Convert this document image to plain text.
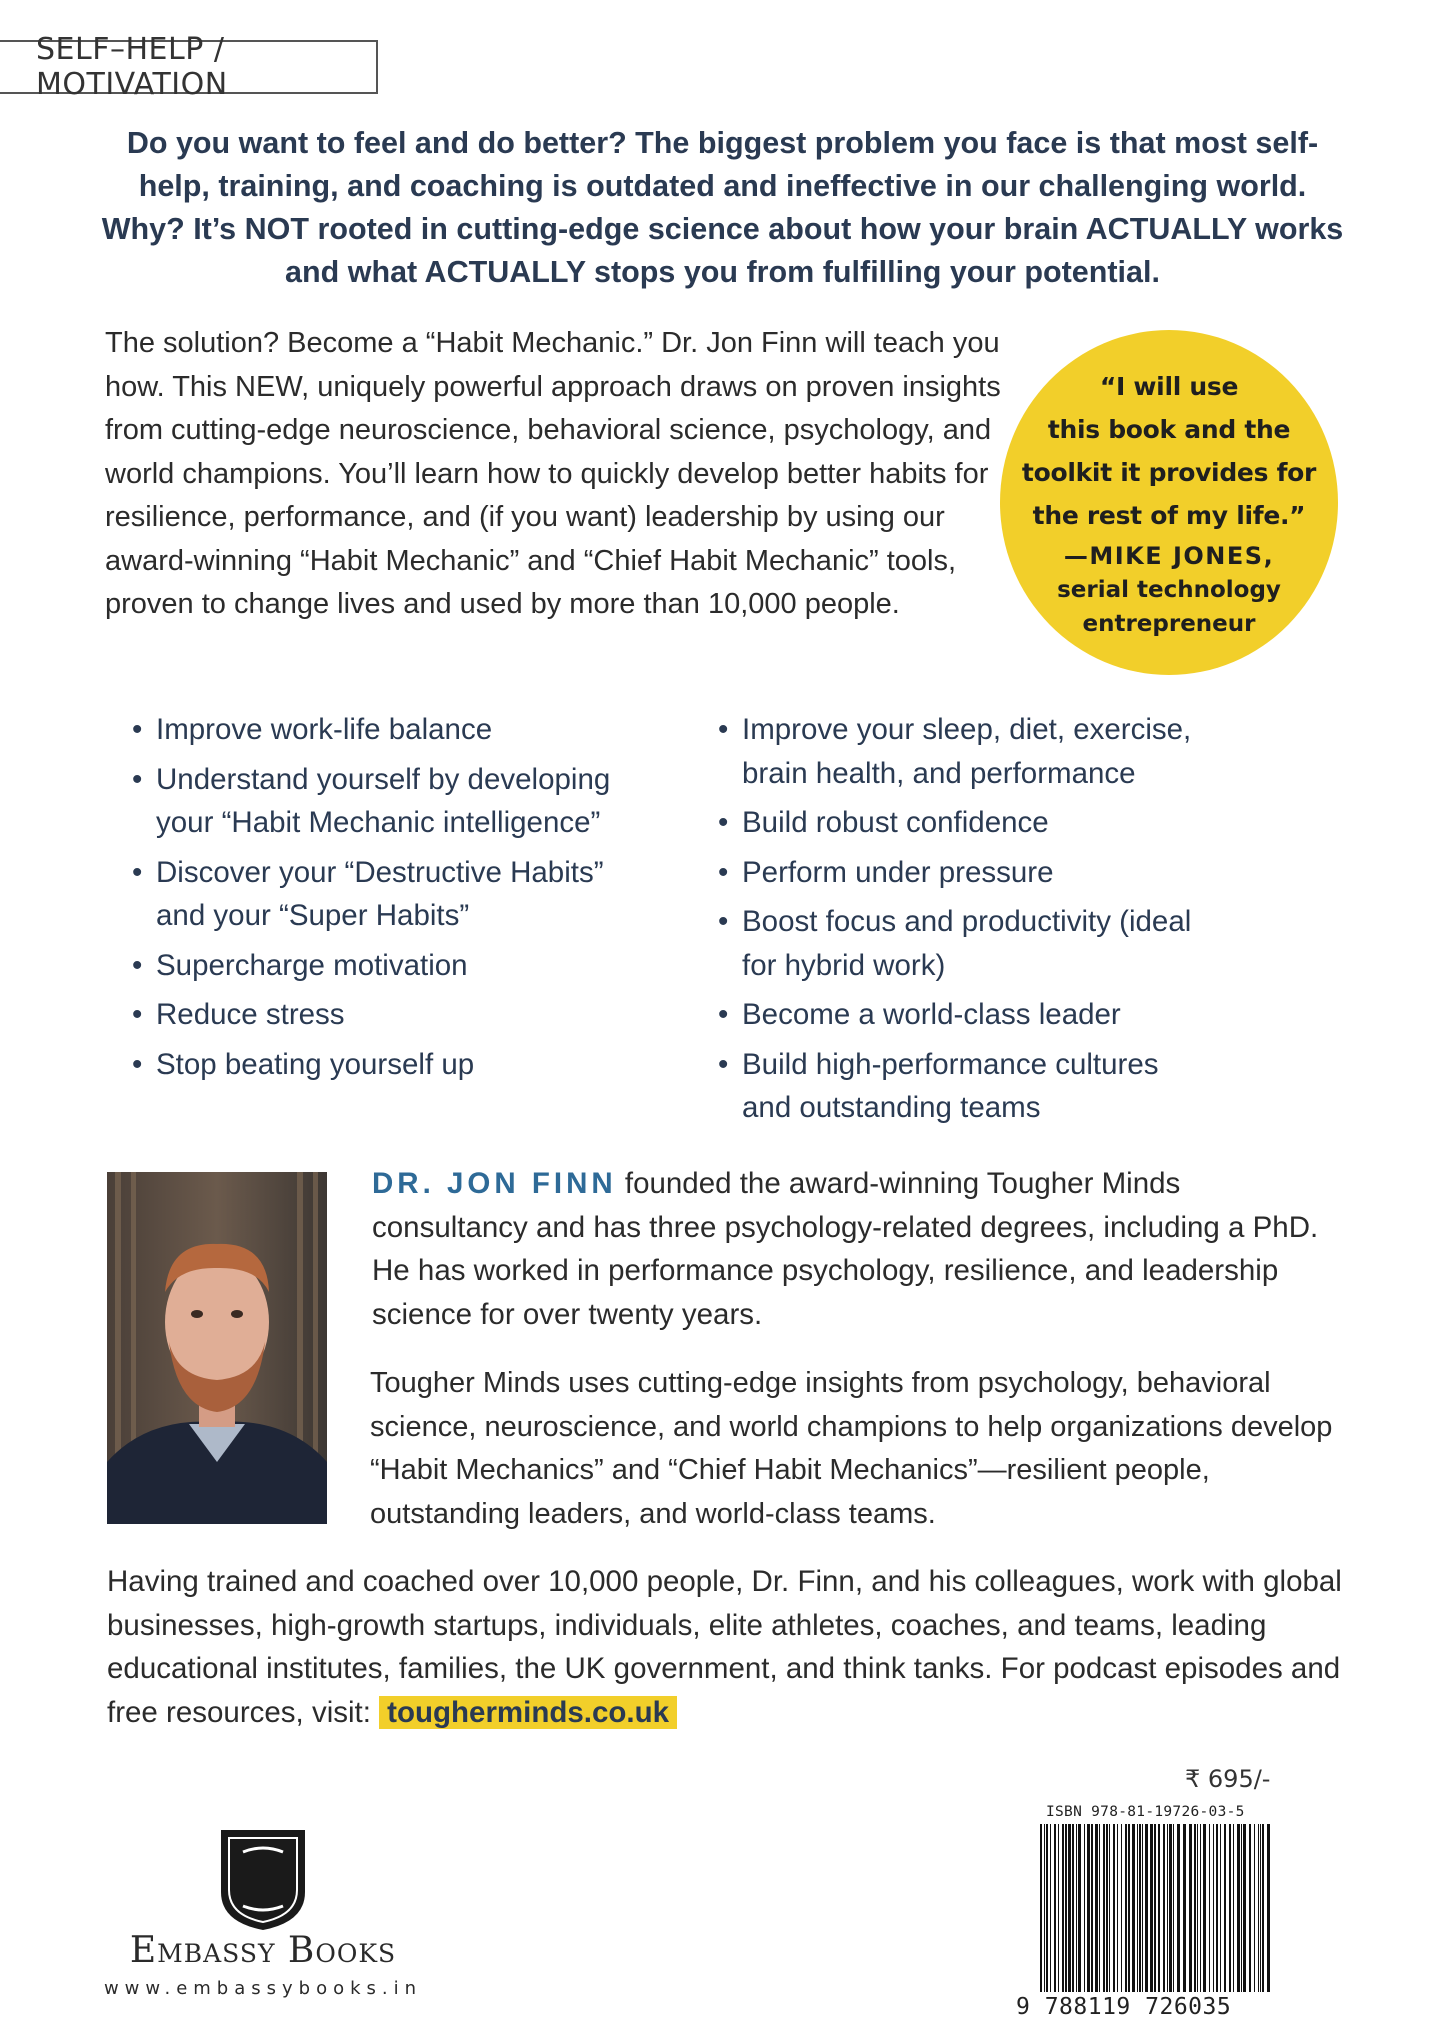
SELF–HELP / MOTIVATION
Do you want to feel and do better? The biggest problem you face is that most self-help, training, and coaching is outdated and ineffective in our challenging world. Why? It’s NOT rooted in cutting-edge science about how your brain ACTUALLY works and what ACTUALLY stops you from fulfilling your potential.
The solution? Become a “Habit Mechanic.” Dr. Jon Finn will teach you how. This NEW, uniquely powerful approach draws on proven insights from cutting-edge neuroscience, behavioral science, psychology, and world champions. You’ll learn how to quickly develop better habits for resilience, performance, and (if you want) leadership by using our award-winning “Habit Mechanic” and “Chief Habit Mechanic” tools, proven to change lives and used by more than 10,000 people.
“I will use
this book and the
toolkit it provides for
the rest of my life.”
—MIKE JONES,
serial technology
entrepreneur
• Improve work-life balance
• Understand yourself by developing
your “Habit Mechanic intelligence”
• Discover your “Destructive Habits”
and your “Super Habits”
• Supercharge motivation
• Reduce stress
• Stop beating yourself up
• Improve your sleep, diet, exercise,
brain health, and performance
• Build robust confidence
• Perform under pressure
• Boost focus and productivity (ideal
for hybrid work)
• Become a world-class leader
• Build high-performance cultures
and outstanding teams
DR. JON FINN founded the award-winning Tougher Minds consultancy and has three psychology-related degrees, including a PhD. He has worked in performance psychology, resilience, and leadership science for over twenty years.
Tougher Minds uses cutting-edge insights from psychology, behavioral science, neuroscience, and world champions to help organizations develop “Habit Mechanics” and “Chief Habit Mechanics”—resilient people, outstanding leaders, and world-class teams.
Having trained and coached over 10,000 people, Dr. Finn, and his colleagues, work with global businesses, high-growth startups, individuals, elite athletes, coaches, and teams, leading educational institutes, families, the UK government, and think tanks. For podcast episodes and free resources, visit: tougherminds.co.uk
Embassy Books
www.embassybooks.in
₹ 695/-
ISBN 978-81-19726-03-5
9 788119 726035
